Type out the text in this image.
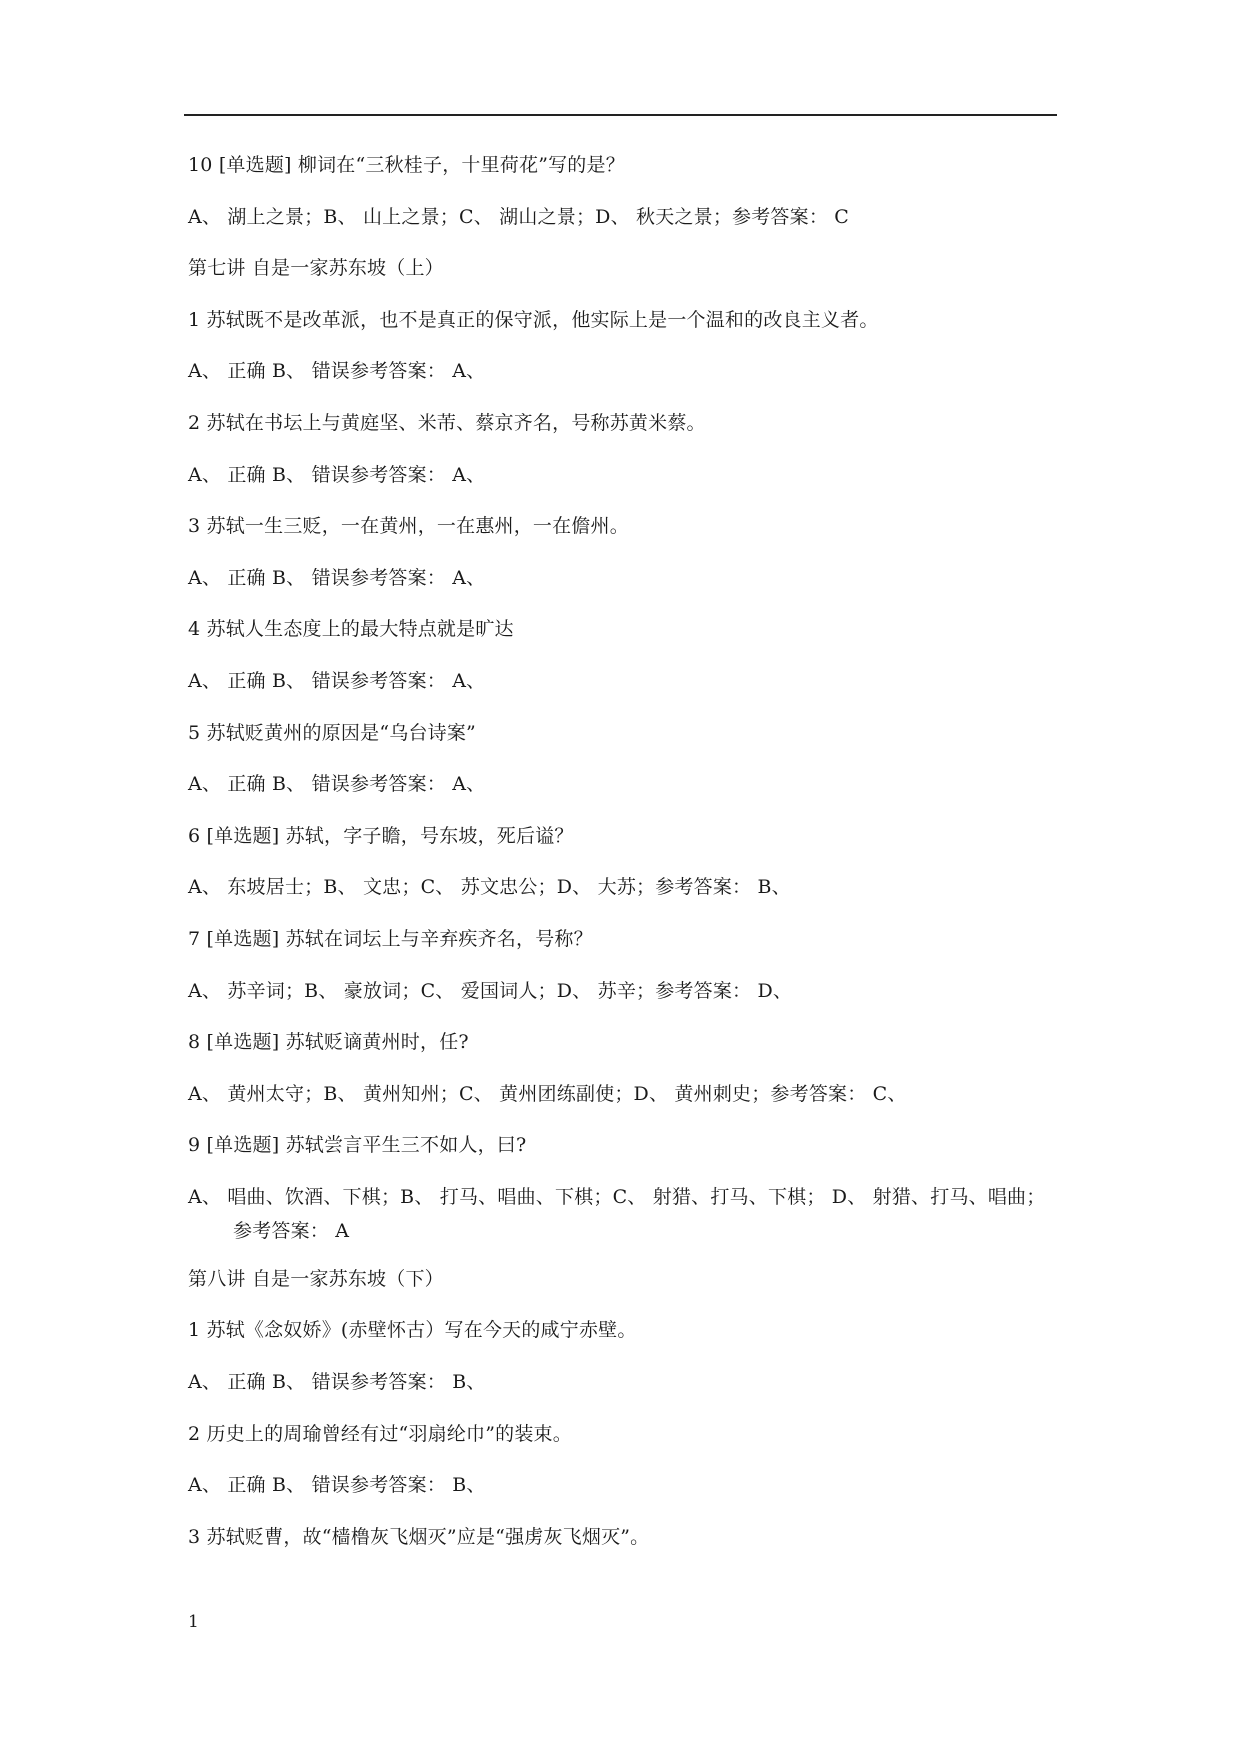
10 [单选题] 柳词在“三秋桂子，十里荷花”写的是？
A、 湖上之景；B、 山上之景；C、 湖山之景；D、 秋天之景；参考答案： C
第七讲 自是一家苏东坡（上）
1 苏轼既不是改革派，也不是真正的保守派，他实际上是一个温和的改良主义者。
A、 正确 B、 错误参考答案： A、
2 苏轼在书坛上与黄庭坚、米芾、蔡京齐名，号称苏黄米蔡。
A、 正确 B、 错误参考答案： A、
3 苏轼一生三贬，一在黄州，一在惠州，一在儋州。
A、 正确 B、 错误参考答案： A、
4 苏轼人生态度上的最大特点就是旷达
A、 正确 B、 错误参考答案： A、
5 苏轼贬黄州的原因是“乌台诗案”
A、 正确 B、 错误参考答案： A、
6 [单选题] 苏轼，字子瞻，号东坡，死后谥？
A、 东坡居士；B、 文忠；C、 苏文忠公；D、 大苏；参考答案： B、
7 [单选题] 苏轼在词坛上与辛弃疾齐名，号称？
A、 苏辛词；B、 豪放词；C、 爱国词人；D、 苏辛；参考答案： D、
8 [单选题] 苏轼贬谪黄州时，任?
A、 黄州太守；B、 黄州知州；C、 黄州团练副使；D、 黄州刺史；参考答案： C、
9 [单选题] 苏轼尝言平生三不如人，曰?
A、 唱曲、饮酒、下棋；B、 打马、唱曲、下棋；C、 射猎、打马、下棋； D、 射猎、打马、唱曲；参考答案： A
第八讲 自是一家苏东坡（下）
1 苏轼《念奴娇》(赤壁怀古）写在今天的咸宁赤壁。
A、 正确 B、 错误参考答案： B、
2 历史上的周瑜曾经有过“羽扇纶巾”的装束。
A、 正确 B、 错误参考答案： B、
3 苏轼贬曹，故“樯橹灰飞烟灭”应是“强虏灰飞烟灭”。
1
